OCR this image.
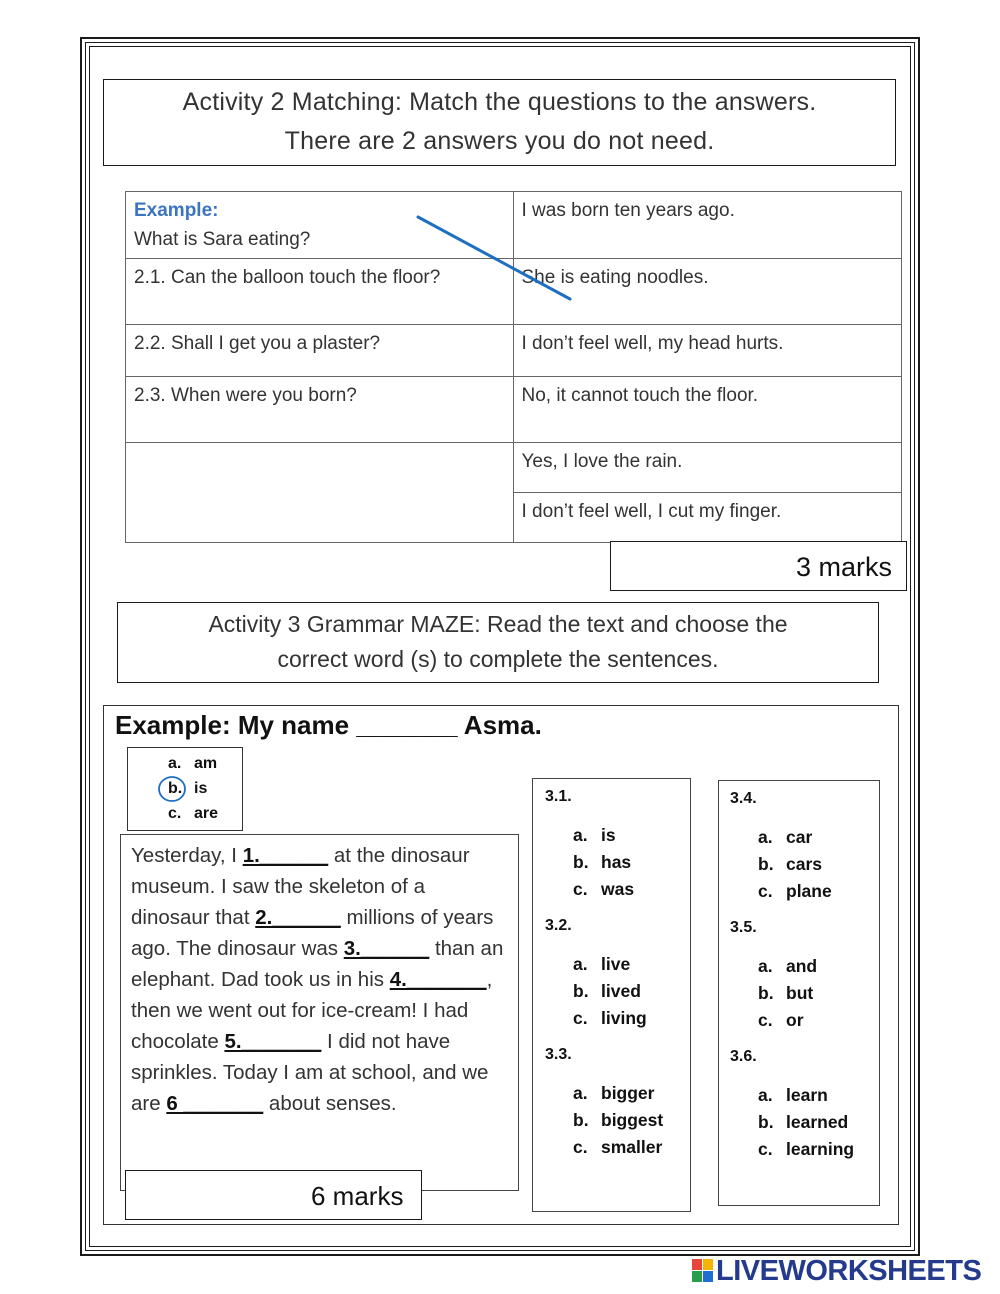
Activity 2 Matching: Match the questions to the answers.
There are 2 answers you do not need.
Example:
What is Sara eating?	I was born ten years ago.
2.1. Can the balloon touch the floor?	She is eating noodles.
2.2. Shall I get you a plaster?	I don’t feel well, my head hurts.
2.3. When were you born?	No, it cannot touch the floor.
	Yes, I love the rain.
	I don’t feel well, I cut my finger.
3 marks
Activity 3 Grammar MAZE: Read the text and choose the
correct word (s) to complete the sentences.
Example: My name _______ Asma.
a. am
b. is
c. are
Yesterday, I 1.______ at the dinosaur museum. I saw the skeleton of a dinosaur that 2.______ millions of years ago. The dinosaur was 3.______ than an elephant. Dad took us in his 4._______, then we went out for ice-cream! I had chocolate 5._______ I did not have sprinkles. Today I am at school, and we are 6 _______ about senses.
6 marks
3.1.
a. is
b. has
c. was
3.2.
a. live
b. lived
c. living
3.3.
a. bigger
b. biggest
c. smaller
3.4.
a. car
b. cars
c. plane
3.5.
a. and
b. but
c. or
3.6.
a. learn
b. learned
c. learning
LIVEWORKSHEETS
